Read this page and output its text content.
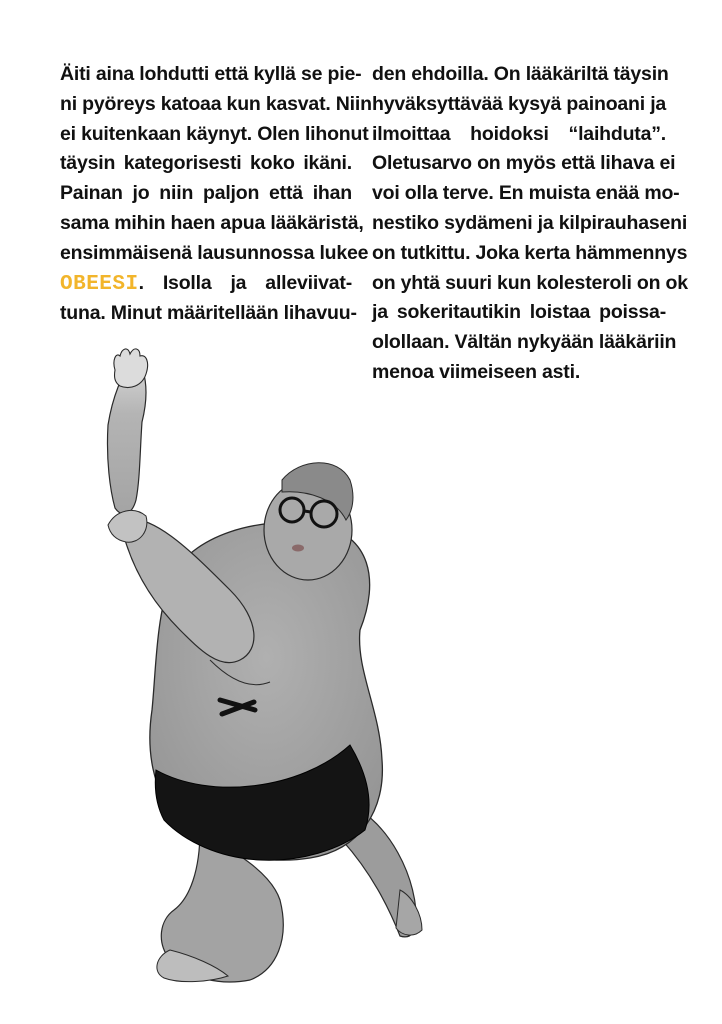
Äiti aina lohdutti että kyllä se pie-
ni pyöreys katoaa kun kasvat. Niin
ei kuitenkaan käynyt. Olen lihonut
täysin kategorisesti koko ikäni.
Painan jo niin paljon että ihan
sama mihin haen apua lääkäristä,
ensimmäisenä lausunnossa lukee
OBEESI. Isolla ja alleviivat-
tuna. Minut määritellään lihavuu-
den ehdoilla. On lääkäriltä täysin
hyväksyttävää kysyä painoani ja
ilmoittaa hoidoksi “laihduta”.
Oletusarvo on myös että lihava ei
voi olla terve. En muista enää mo-
nestiko sydämeni ja kilpirauhaseni
on tutkittu. Joka kerta hämmennys
on yhtä suuri kun kolesteroli on ok
ja sokeritautikin loistaa poissa-
olollaan. Vältän nykyään lääkäriin
menoa viimeiseen asti.
